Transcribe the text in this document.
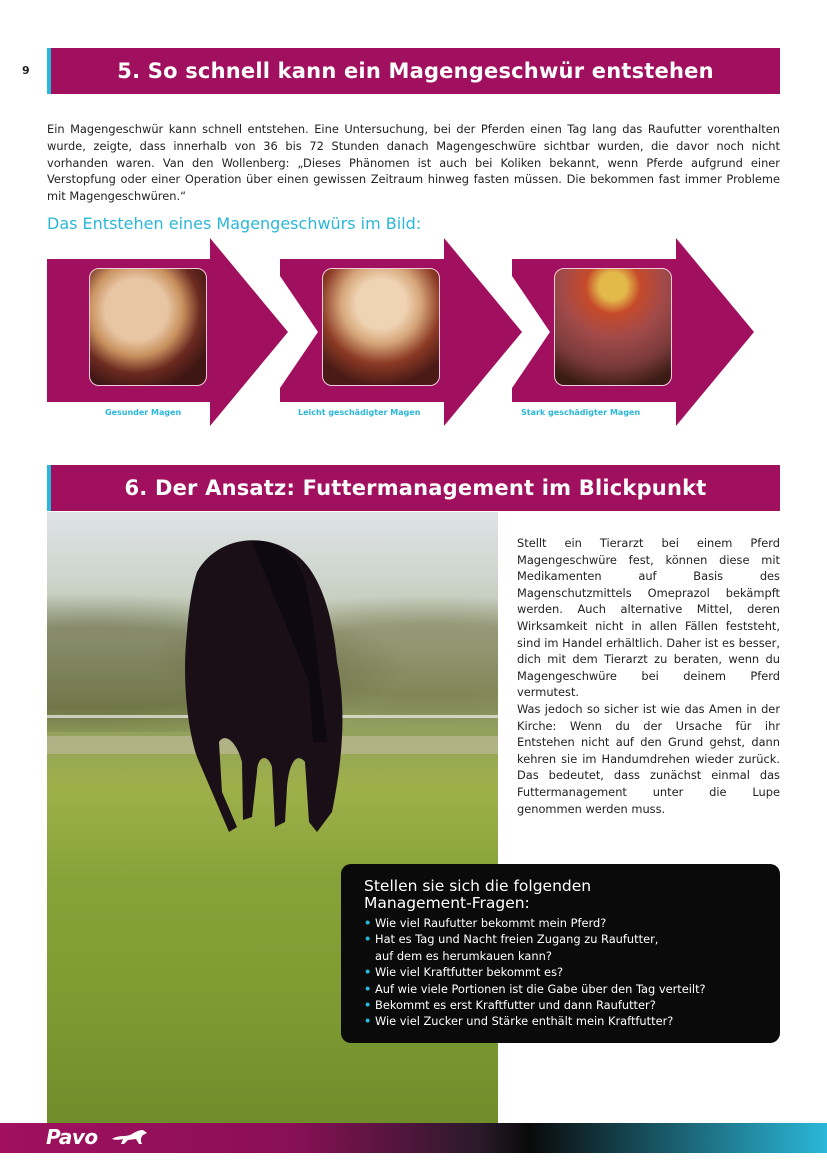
9	5. So schnell kann ein Magengeschwür entstehen
Ein Magengeschwür kann schnell entstehen. Eine Untersuchung, bei der Pferden einen Tag lang das Raufutter vorenthalten wurde, zeigte, dass innerhalb von 36 bis 72 Stunden danach Magengeschwüre sichtbar wurden, die davor noch nicht vorhanden waren. Van den Wollenberg: „Dieses Phänomen ist auch bei Koliken bekannt, wenn Pferde aufgrund einer Verstopfung oder einer Operation über einen gewissen Zeitraum hinweg fasten müssen. Die bekommen fast immer Probleme mit Magengeschwüren.“
Das Entstehen eines Magengeschwürs im Bild:
Gesunder Magen	Leicht geschädigter Magen	Stark geschädigter Magen
6. Der Ansatz: Futtermanagement im Blickpunkt

Stellt ein Tierarzt bei einem Pferd Magengeschwüre fest, können diese mit Medikamenten auf Basis des Magenschutzmittels Omeprazol bekämpft werden. Auch alternative Mittel, deren Wirksamkeit nicht in allen Fällen feststeht, sind im Handel erhältlich. Daher ist es besser, dich mit dem Tierarzt zu beraten, wenn du Magengeschwüre bei deinem Pferd vermutest.

Was jedoch so sicher ist wie das Amen in der Kirche: Wenn du der Ursache für ihr Entstehen nicht auf den Grund gehst, dann kehren sie im Handumdrehen wieder zurück. Das bedeutet, dass zunächst einmal das Futtermanagement unter die Lupe genommen werden muss.

Stellen sie sich die folgenden
Management-Fragen:
• Wie viel Raufutter bekommt mein Pferd?
• Hat es Tag und Nacht freien Zugang zu Raufutter,
auf dem es herumkauen kann?
• Wie viel Kraftfutter bekommt es?
• Auf wie viele Portionen ist die Gabe über den Tag verteilt?
• Bekommt es erst Kraftfutter und dann Raufutter?
• Wie viel Zucker und Stärke enthält mein Kraftfutter?
Pavo
